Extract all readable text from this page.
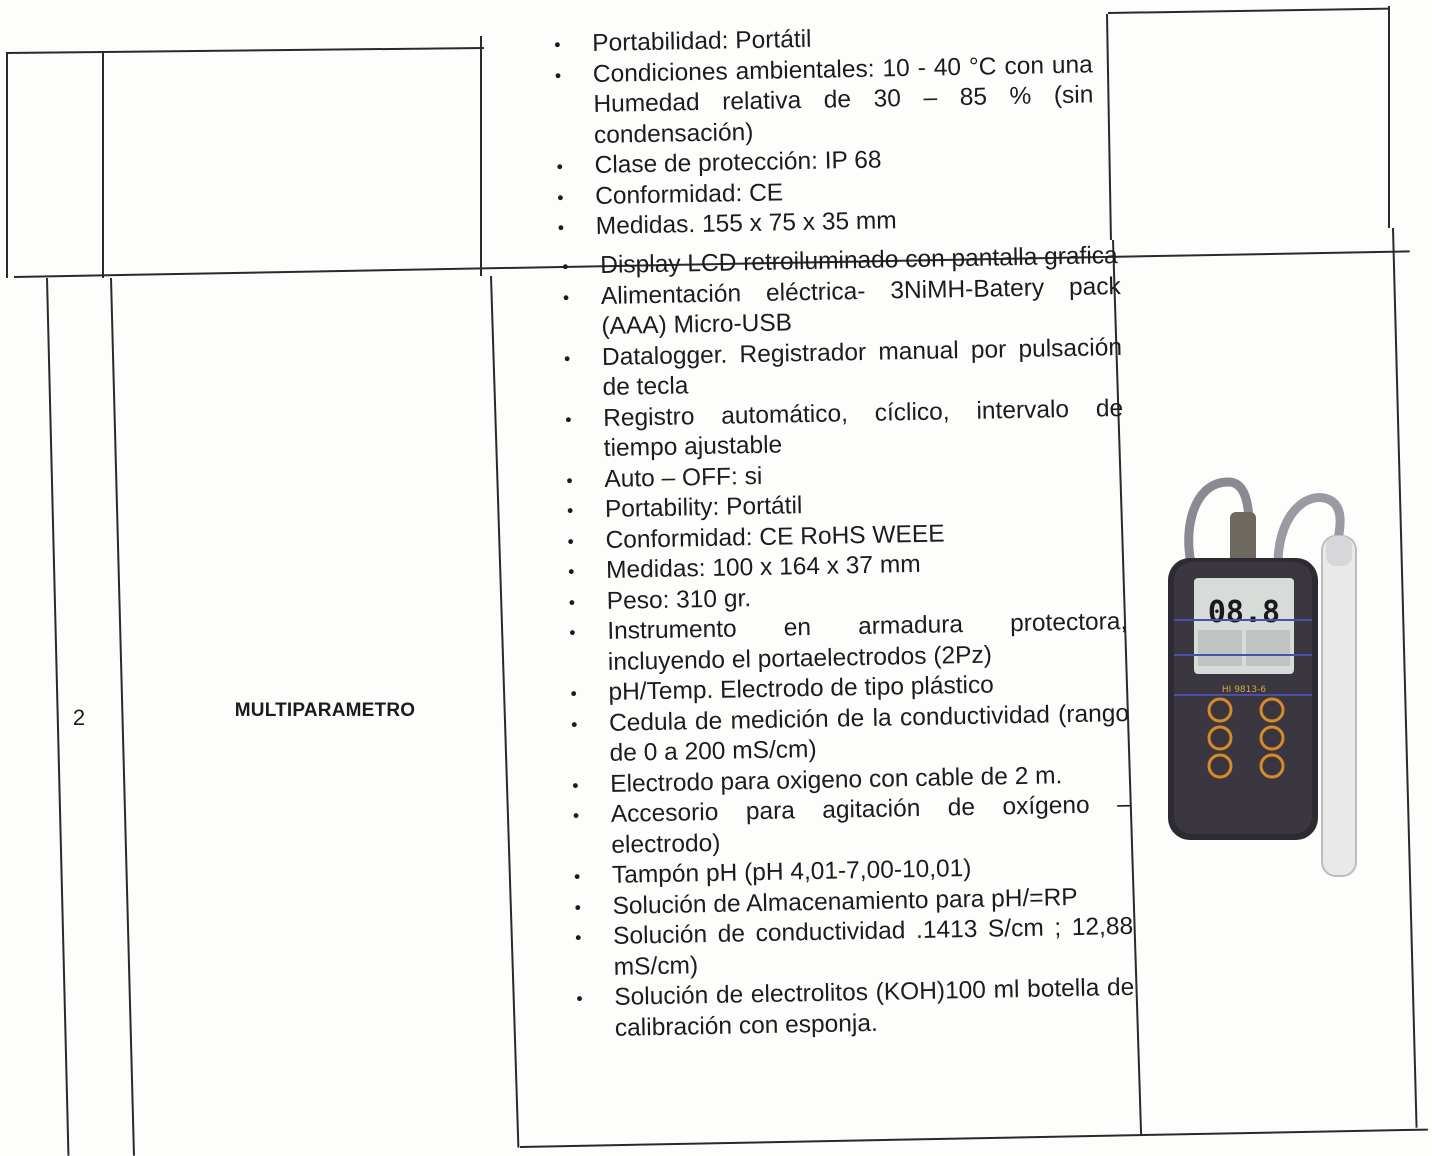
• Portabilidad: Portátil
• Condiciones ambientales: 10 - 40 °C con una Humedad relativa de 30 – 85 % (sin condensación)
• Clase de protección: IP 68
• Conformidad: CE
• Medidas. 155 x 75 x 35 mm
2	MULTIPARAMETRO
• Display LCD retroiluminado con pantalla grafica
• Alimentación eléctrica- 3NiMH-Batery pack (AAA) Micro-USB
• Datalogger. Registrador manual por pulsación de tecla
• Registro automático, cíclico, intervalo de tiempo ajustable
• Auto – OFF: si
• Portability: Portátil
• Conformidad: CE RoHS WEEE
• Medidas: 100 x 164 x 37 mm
• Peso: 310 gr.
• Instrumento en armadura protectora, incluyendo el portaelectrodos (2Pz)
• pH/Temp. Electrodo de tipo plástico
• Cedula de medición de la conductividad (rango de 0 a 200 mS/cm)
• Electrodo para oxigeno con cable de 2 m.
• Accesorio para agitación de oxígeno – electrodo)
• Tampón pH (pH 4,01-7,00-10,01)
• Solución de Almacenamiento para pH/=RP
• Solución de conductividad .1413 S/cm ; 12,88 mS/cm)
• Solución de electrolitos (KOH)100 ml botella de calibración con esponja.
08.8
HI 9813-6
